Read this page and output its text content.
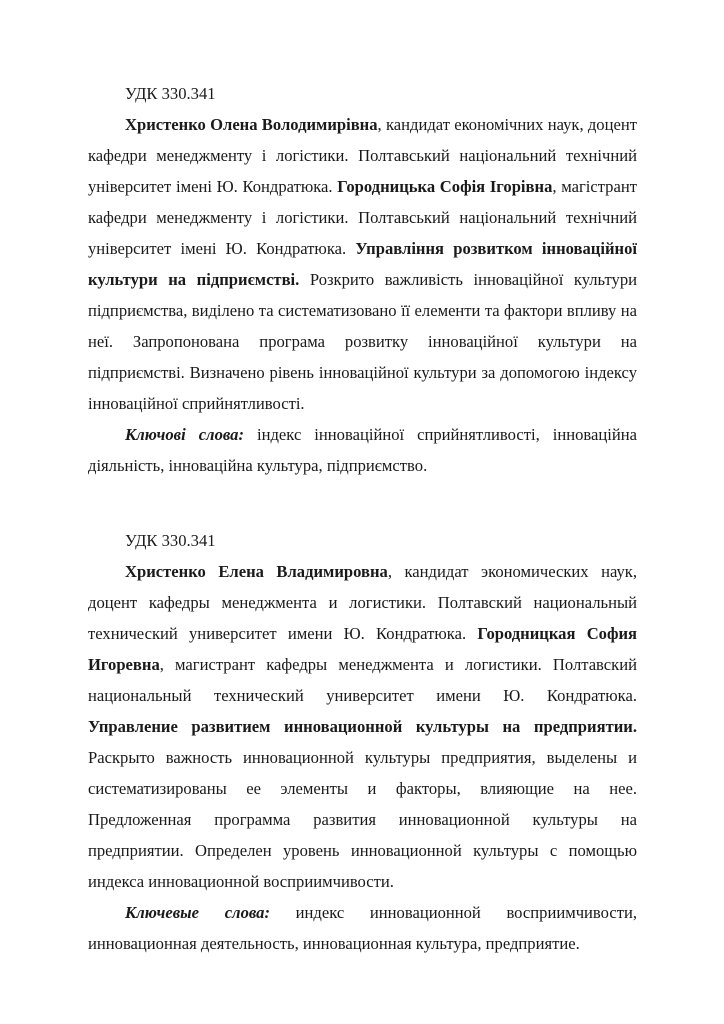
УДК 330.341

Христенко Олена Володимирівна, кандидат економічних наук, доцент кафедри менеджменту і логістики. Полтавський національний технічний університет імені Ю. Кондратюка. Городницька Софія Ігорівна, магістрант кафедри менеджменту і логістики. Полтавський національний технічний університет імені Ю. Кондратюка. Управління розвитком інноваційної культури на підприємстві. Розкрито важливість інноваційної культури підприємства, виділено та систематизовано її елементи та фактори впливу на неї. Запропонована програма розвитку інноваційної культури на підприємстві. Визначено рівень інноваційної культури за допомогою індексу інноваційної сприйнятливості.

Ключові слова: індекс інноваційної сприйнятливості, інноваційна діяльність, інноваційна культура, підприємство.

УДК 330.341

Христенко Елена Владимировна, кандидат экономических наук, доцент кафедры менеджмента и логистики. Полтавский национальный технический университет имени Ю. Кондратюка. Городницкая София Игоревна, магистрант кафедры менеджмента и логистики. Полтавский национальный технический университет имени Ю. Кондратюка. Управление развитием инновационной культуры на предприятии. Раскрыто важность инновационной культуры предприятия, выделены и систематизированы ее элементы и факторы, влияющие на нее. Предложенная программа развития инновационной культуры на предприятии. Определен уровень инновационной культуры с помощью индекса инновационной восприимчивости.

Ключевые слова: индекс инновационной восприимчивости, инновационная деятельность, инновационная культура, предприятие.
